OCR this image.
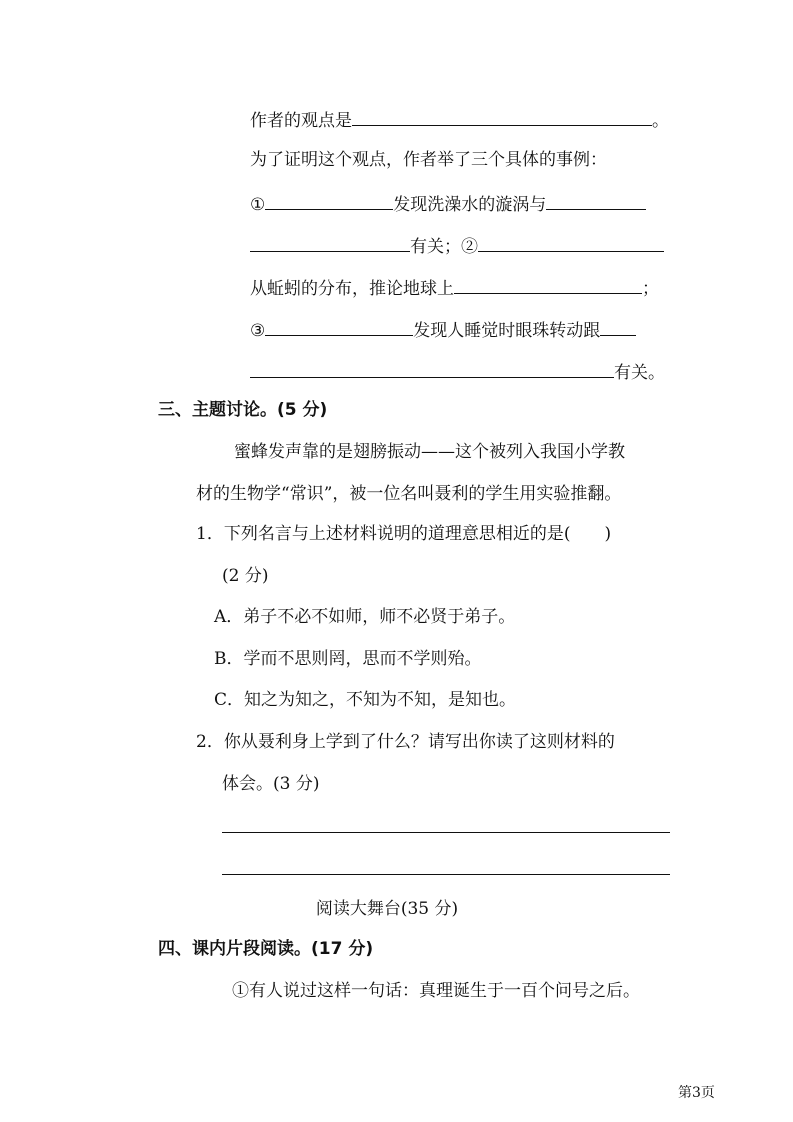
作者的观点是	。
为了证明这个观点，作者举了三个具体的事例：
①	发现洗澡水的漩涡与
有关；②
从蚯蚓的分布，推论地球上	；
③	发现人睡觉时眼珠转动跟
有关。
三、主题讨论。(5 分)
蜜蜂发声靠的是翅膀振动——这个被列入我国小学教
材的生物学“常识”，被一位名叫聂利的学生用实验推翻。
1．下列名言与上述材料说明的道理意思相近的是(　　)
(2 分)
A．弟子不必不如师，师不必贤于弟子。
B．学而不思则罔，思而不学则殆。
C．知之为知之，不知为不知，是知也。
2．你从聂利身上学到了什么？请写出你读了这则材料的
体会。(3 分)
阅读大舞台(35 分)
四、课内片段阅读。(17 分)
①有人说过这样一句话：真理诞生于一百个问号之后。
第3页
